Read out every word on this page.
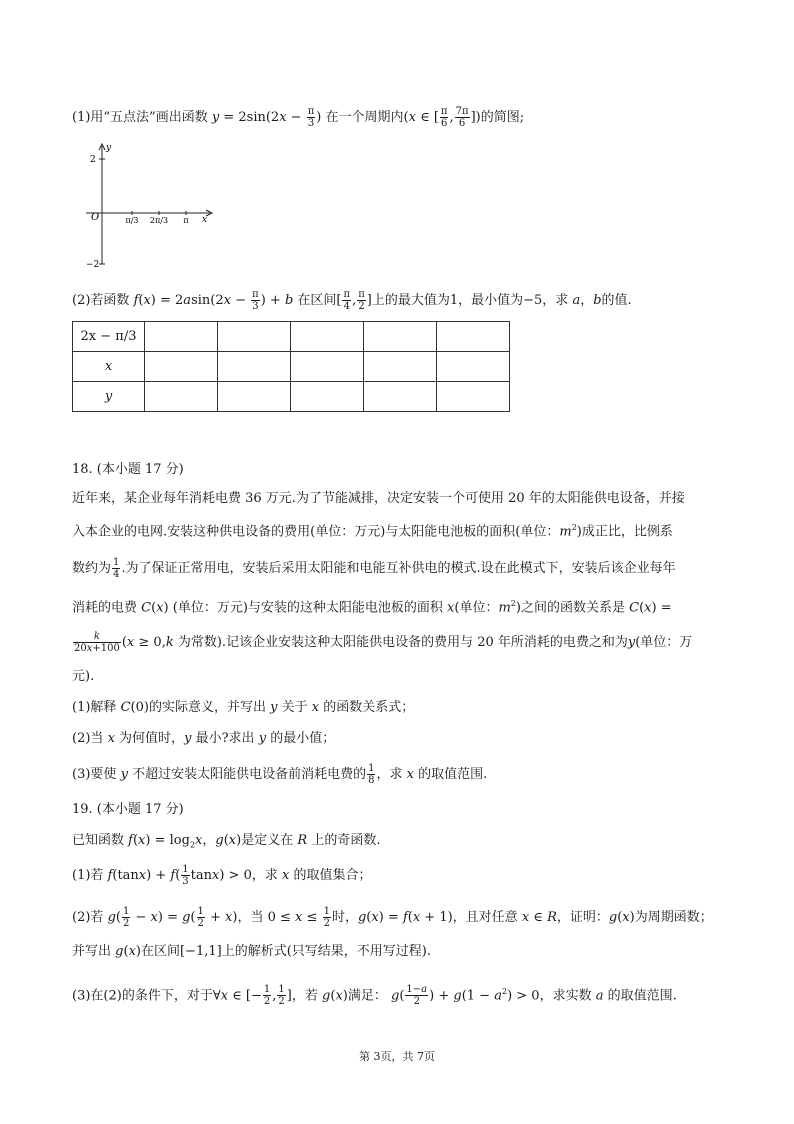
(1)用“五点法”画出函数 $y = 2\sin(2x - \frac{\pi}{3}$ ) 在一个周期内(x ∈ [ $\frac{\pi}{6}$ , $\frac{7\pi}{6}$ ])的简图;
y
x
O
2
−2
π/3 2π/3 π
(2)若函数 $f(x) = 2asin(2x - \frac{\pi}{3}$ ) + b 在区间[ $\frac{\pi}{4}$ , $\frac{\pi}{2}$ ]上的最大值为1，最小值为−5，求 a，b的值.
2x − π/3					
x					
y					
18. (本小题 17 分)
近年来，某企业每年消耗电费 36 万元.为了节能减排，决定安装一个可使用 20 年的太阳能供电设备，并接
入本企业的电网.安装这种供电设备的费用(单位：万元)与太阳能电池板的面积(单位：$m^2$)成正比，比例系
数约为 $\frac{1}{4}$ .为了保证正常用电，安装后采用太阳能和电能互补供电的模式.设在此模式下，安装后该企业每年
消耗的电费 C(x) (单位：万元)与安装的这种太阳能电池板的面积 x(单位：$m^2$)之间的函数关系是 C(x) =
$\frac{k}{20x+100} (x \ge 0,k$ 为常数).记该企业安装这种太阳能供电设备的费用与 20 年所消耗的电费之和为y(单位：万
元).
(1)解释 C(0)的实际意义，并写出 y 关于 x 的函数关系式；
(2)当 x 为何值时，y 最小?求出 y 的最小值；
(3)要使 y 不超过安装太阳能供电设备前消耗电费的 $\frac{1}{8}$ ，求 x 的取值范围.
19. (本小题 17 分)
已知函数 $f(x) = \log_2x$，g(x)是定义在 R 上的奇函数.
(1)若 $f(\tan x) + f( \frac{1}{3} \tan x) > 0$，求 x 的取值集合；
(2)若 $g( \frac{1}{2} - x) = g( \frac{1}{2} + x)$，当 $0 \le x \le \frac{1}{2}$ 时，g(x) = f(x + 1)，且对任意 x ∈ R，证明：g(x)为周期函数；
并写出 g(x)在区间[−1,1]上的解析式(只写结果，不用写过程).
(3)在(2)的条件下，对于∀x ∈ [− $\frac{1}{2}$ , $\frac{1}{2}$ ]，若 g(x)满足： $g( \frac{1-a}{2}$ ) + $g(1 - a^2) > 0$，求实数 a 的取值范围.
第 3页，共 7页
